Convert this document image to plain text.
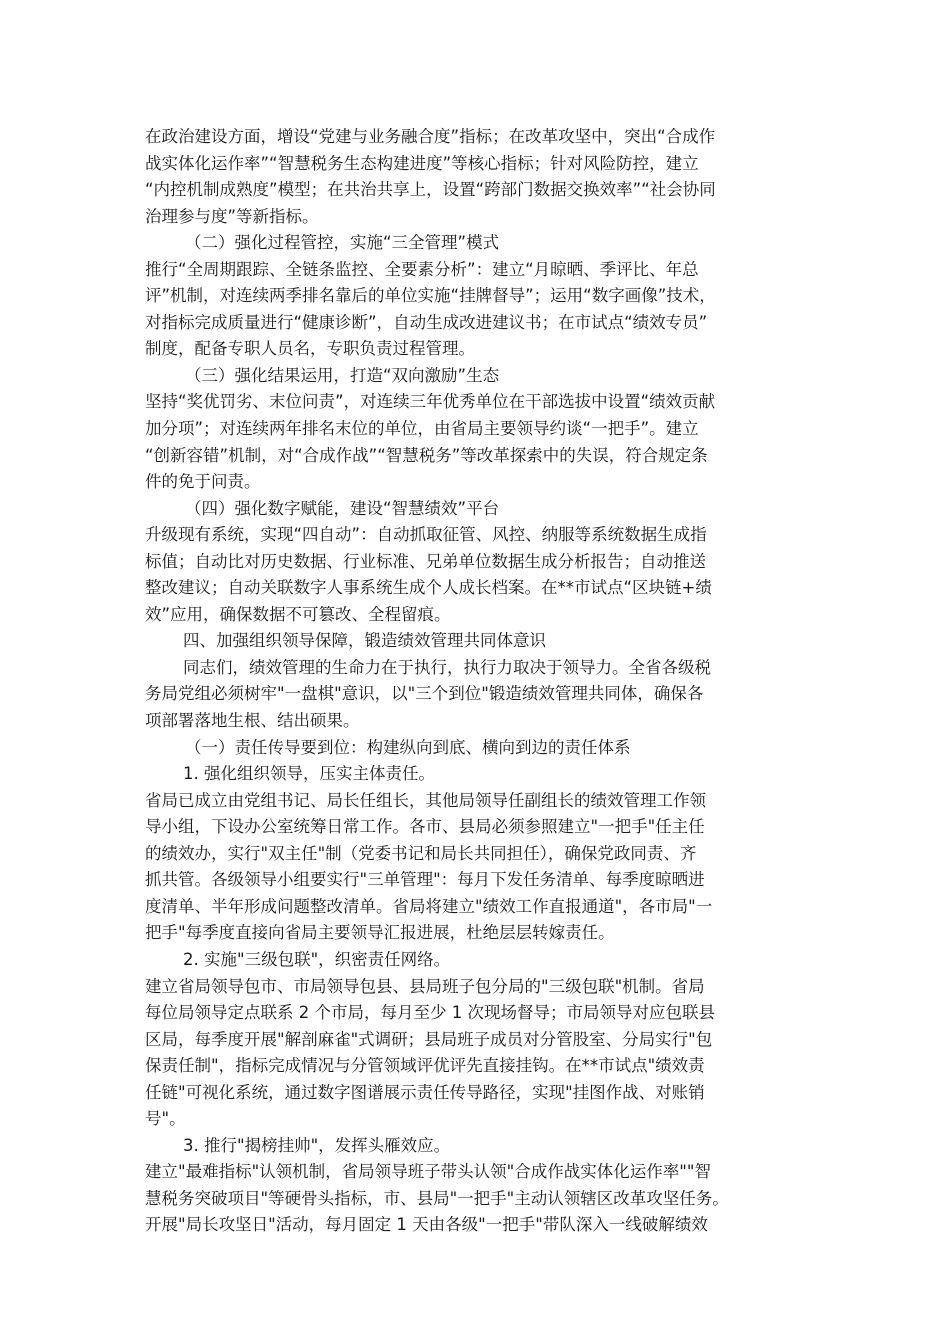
在政治建设方面，增设“党建与业务融合度”指标；在改革攻坚中，突出“合成作
战实体化运作率”“智慧税务生态构建进度”等核心指标；针对风险防控，建立
“内控机制成熟度”模型；在共治共享上，设置“跨部门数据交换效率”“社会协同
治理参与度”等新指标。
（二）强化过程管控，实施“三全管理”模式
推行“全周期跟踪、全链条监控、全要素分析”：建立“月晾晒、季评比、年总
评”机制，对连续两季排名靠后的单位实施“挂牌督导”；运用“数字画像”技术，
对指标完成质量进行“健康诊断”，自动生成改进建议书；在市试点“绩效专员”
制度，配备专职人员名，专职负责过程管理。
（三）强化结果运用，打造“双向激励”生态
坚持“奖优罚劣、末位问责”，对连续三年优秀单位在干部选拔中设置“绩效贡献
加分项”；对连续两年排名末位的单位，由省局主要领导约谈“一把手”。建立
“创新容错”机制，对“合成作战”“智慧税务”等改革探索中的失误，符合规定条
件的免于问责。
（四）强化数字赋能，建设“智慧绩效”平台
升级现有系统，实现“四自动”：自动抓取征管、风控、纳服等系统数据生成指
标值；自动比对历史数据、行业标准、兄弟单位数据生成分析报告；自动推送
整改建议；自动关联数字人事系统生成个人成长档案。在**市试点“区块链+绩
效”应用，确保数据不可篡改、全程留痕。
四、加强组织领导保障，锻造绩效管理共同体意识
同志们，绩效管理的生命力在于执行，执行力取决于领导力。全省各级税
务局党组必须树牢"一盘棋"意识，以"三个到位"锻造绩效管理共同体，确保各
项部署落地生根、结出硕果。
（一）责任传导要到位：构建纵向到底、横向到边的责任体系
1. 强化组织领导，压实主体责任。
省局已成立由党组书记、局长任组长，其他局领导任副组长的绩效管理工作领
导小组，下设办公室统筹日常工作。各市、县局必须参照建立"一把手"任主任
的绩效办，实行"双主任"制（党委书记和局长共同担任），确保党政同责、齐
抓共管。各级领导小组要实行"三单管理"：每月下发任务清单、每季度晾晒进
度清单、半年形成问题整改清单。省局将建立"绩效工作直报通道"，各市局"一
把手"每季度直接向省局主要领导汇报进展，杜绝层层转嫁责任。
2. 实施"三级包联"，织密责任网络。
建立省局领导包市、市局领导包县、县局班子包分局的"三级包联"机制。省局
每位局领导定点联系 2 个市局，每月至少 1 次现场督导；市局领导对应包联县
区局，每季度开展"解剖麻雀"式调研；县局班子成员对分管股室、分局实行"包
保责任制"，指标完成情况与分管领域评优评先直接挂钩。在**市试点"绩效责
任链"可视化系统，通过数字图谱展示责任传导路径，实现"挂图作战、对账销
号"。
3. 推行"揭榜挂帅"，发挥头雁效应。
建立"最难指标"认领机制，省局领导班子带头认领"合成作战实体化运作率""智
慧税务突破项目"等硬骨头指标，市、县局"一把手"主动认领辖区改革攻坚任务。
开展"局长攻坚日"活动，每月固定 1 天由各级"一把手"带队深入一线破解绩效
